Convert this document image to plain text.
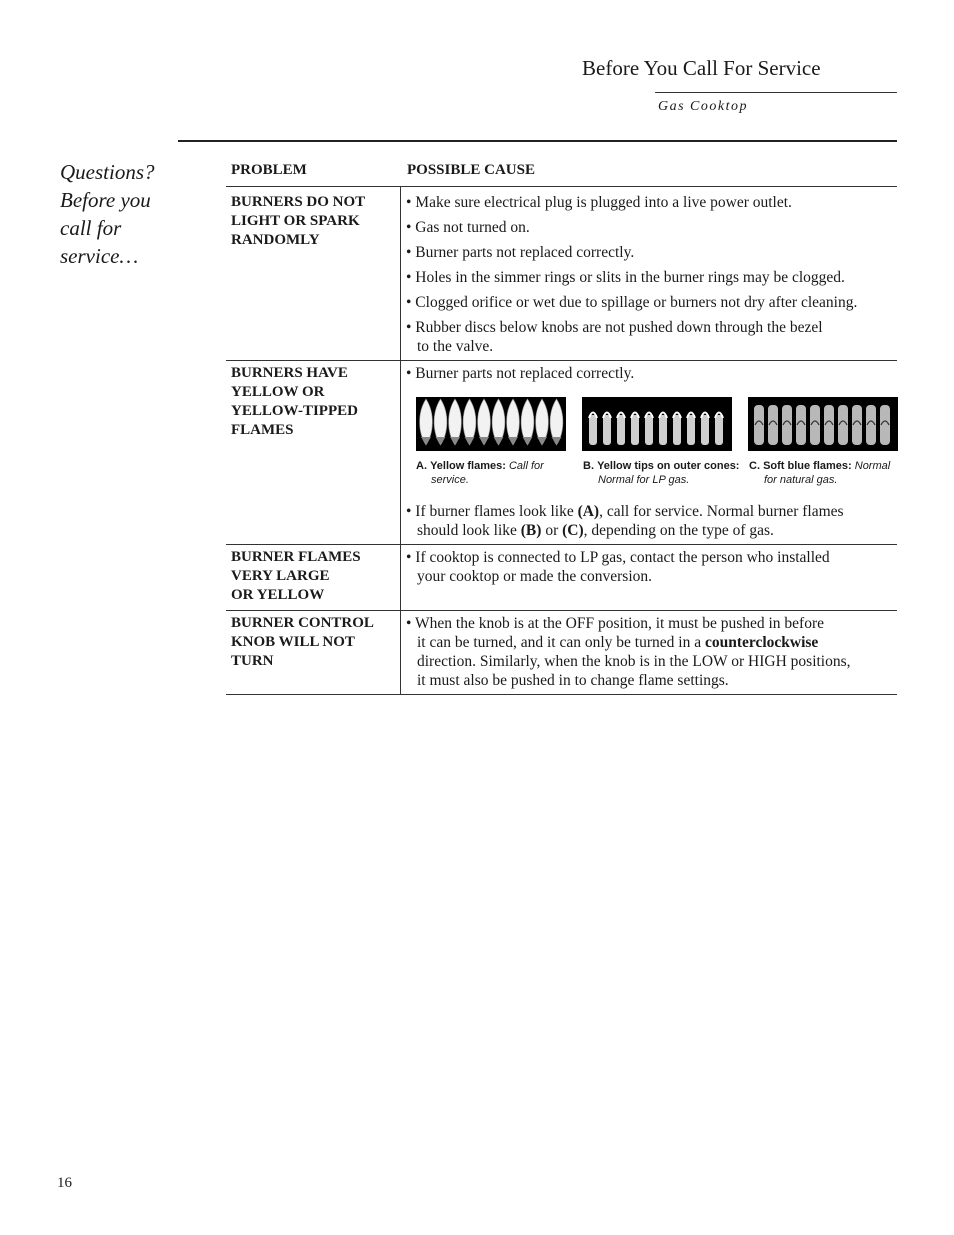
Before You Call For Service
Gas Cooktop
Questions?
Before you
call for
service…
PROBLEM	POSSIBLE CAUSE
BURNERS DO NOT
LIGHT OR SPARK
RANDOMLY
• Make sure electrical plug is plugged into a live power outlet.
• Gas not turned on.
• Burner parts not replaced correctly.
• Holes in the simmer rings or slits in the burner rings may be clogged.
• Clogged orifice or wet due to spillage or burners not dry after cleaning.
• Rubber discs below knobs are not pushed down through the bezel
to the valve.
BURNERS HAVE
YELLOW OR
YELLOW-TIPPED
FLAMES
• Burner parts not replaced correctly.
A. Yellow flames: Call for
service.
B. Yellow tips on outer cones:
Normal for LP gas.
C. Soft blue flames: Normal
for natural gas.
• If burner flames look like (A), call for service. Normal burner flames
should look like (B) or (C), depending on the type of gas.
BURNER FLAMES
VERY LARGE
OR YELLOW
• If cooktop is connected to LP gas, contact the person who installed
your cooktop or made the conversion.
BURNER CONTROL
KNOB WILL NOT
TURN
• When the knob is at the OFF position, it must be pushed in before
it can be turned, and it can only be turned in a counterclockwise
direction. Similarly, when the knob is in the LOW or HIGH positions,
it must also be pushed in to change flame settings.
16
